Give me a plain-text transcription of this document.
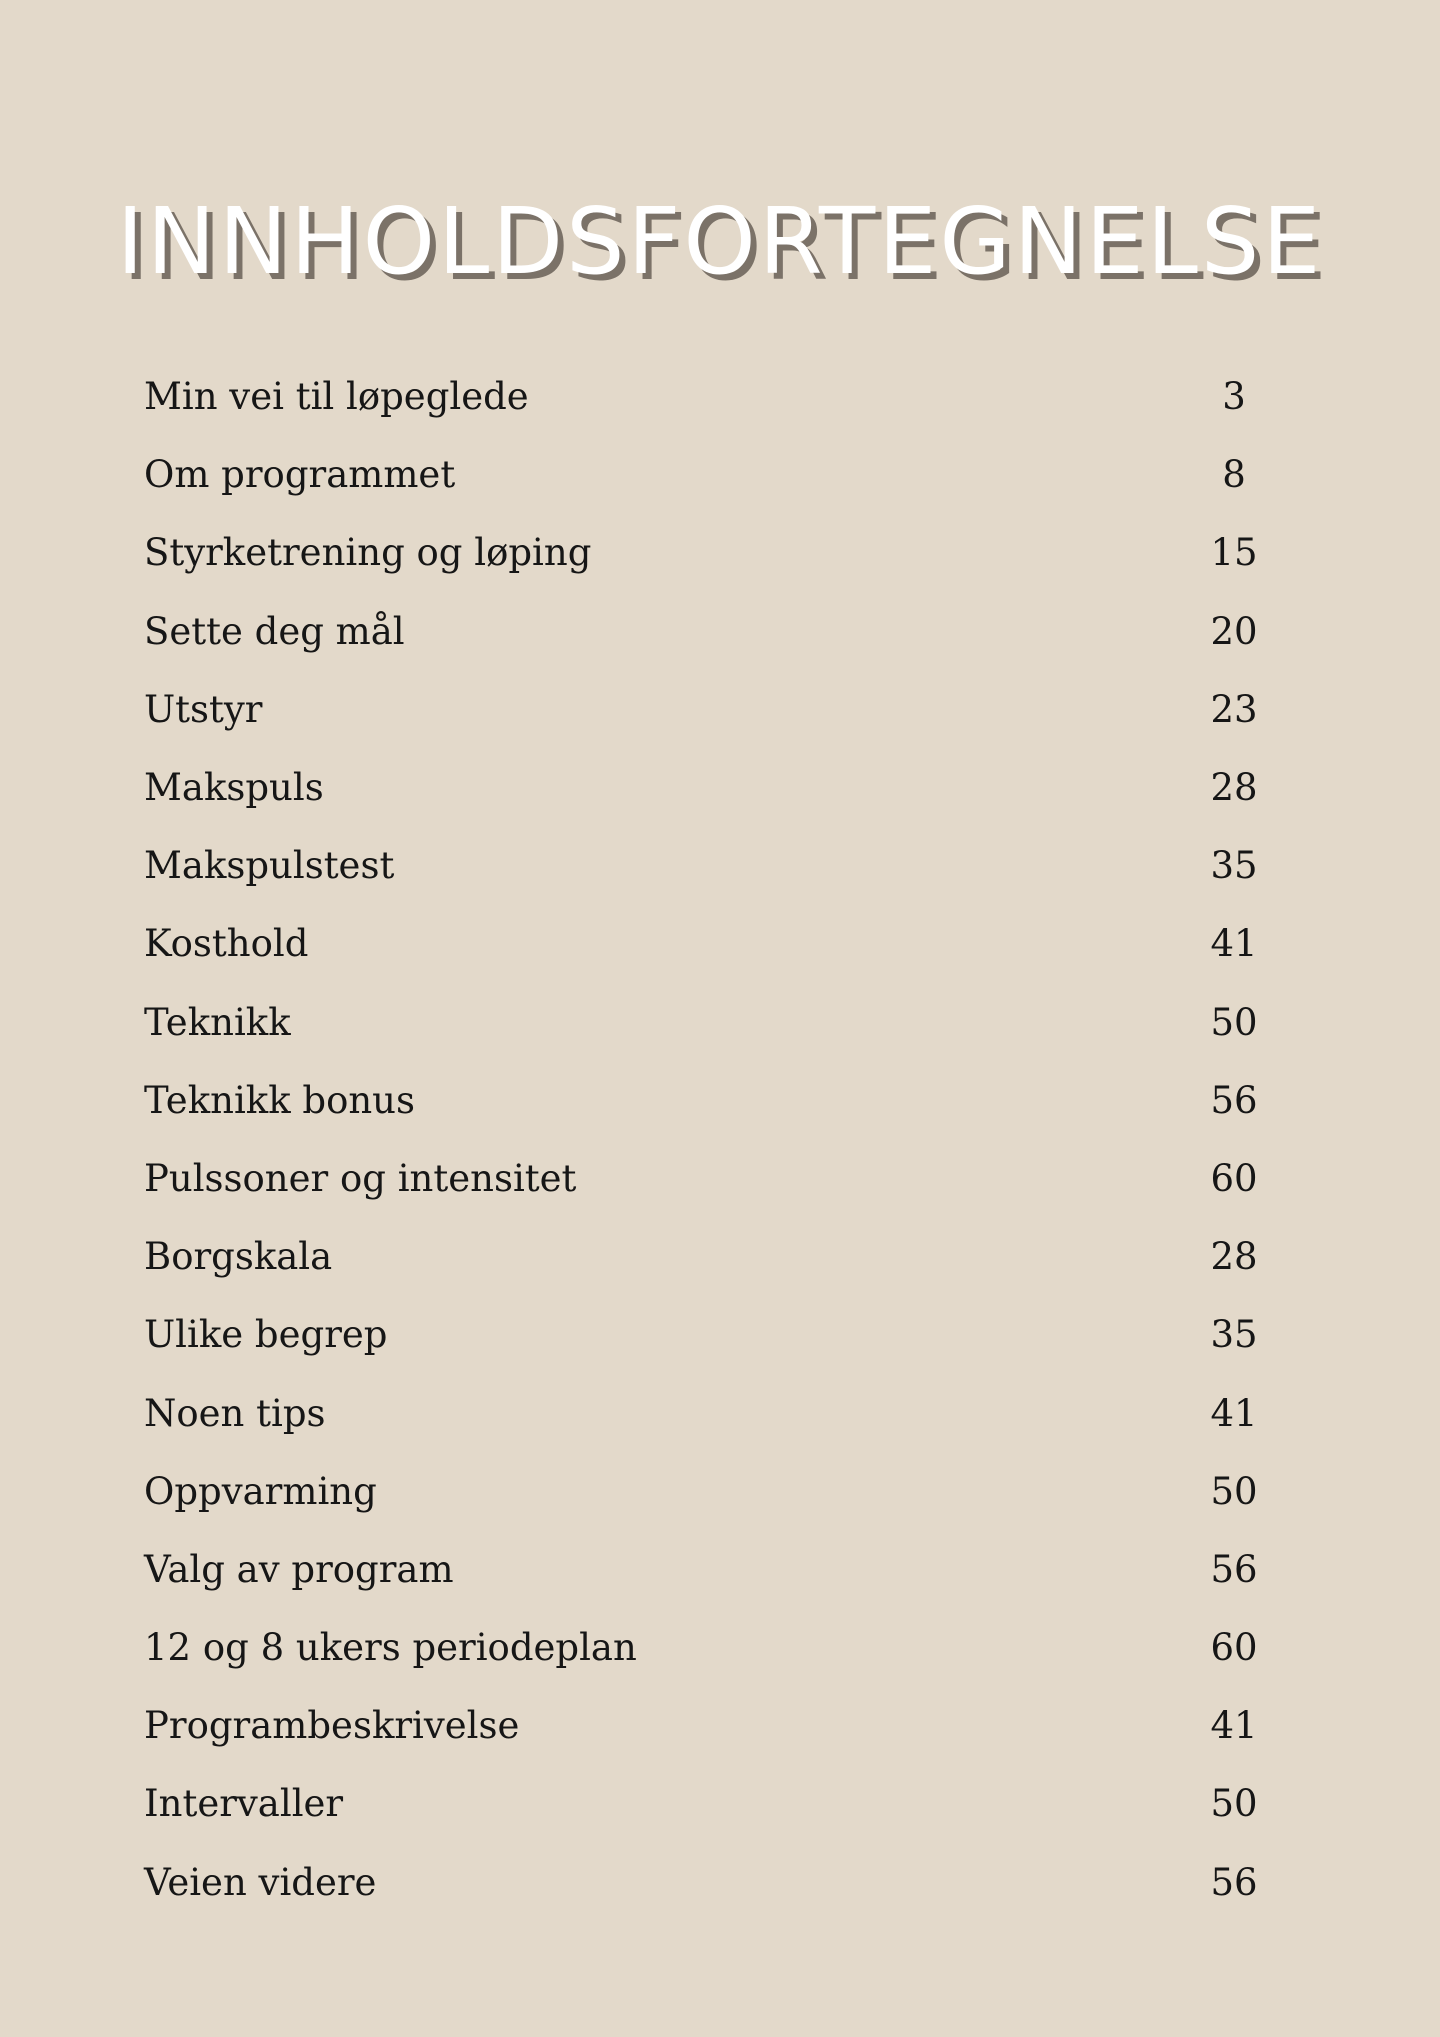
INNHOLDSFORTEGNELSE
Min vei til løpeglede	3
Om programmet	8
Styrketrening og løping	15
Sette deg mål	20
Utstyr	23
Makspuls	28
Makspulstest	35
Kosthold	41
Teknikk	50
Teknikk bonus	56
Pulssoner og intensitet	60
Borgskala	28
Ulike begrep	35
Noen tips	41
Oppvarming	50
Valg av program	56
12 og 8 ukers periodeplan	60
Programbeskrivelse	41
Intervaller	50
Veien videre	56
